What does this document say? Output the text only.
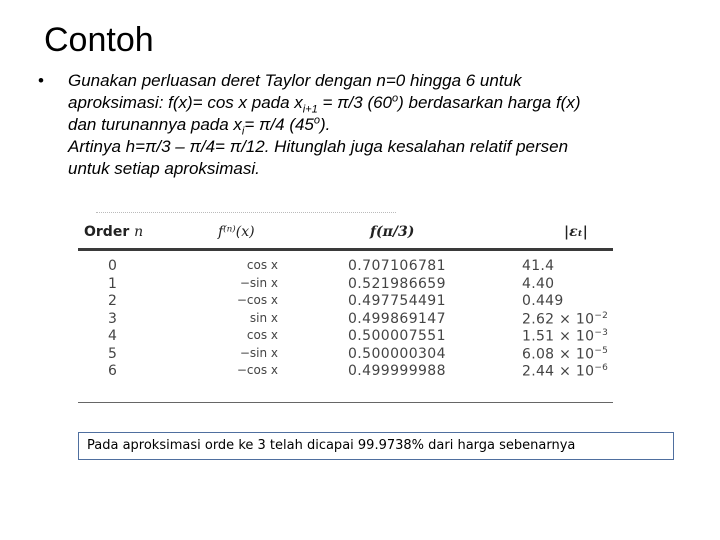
Contoh
• Gunakan perluasan deret Taylor dengan n=0 hingga 6 untuk
aproksimasi: f(x)= cos x pada $x_{i+1} = \pi/3$ (60$^o$) berdasarkan harga f(x)
dan turunannya pada $x_i= \pi/4$ (45$^o$).
Artinya h=π/3 – π/4= π/12. Hitunglah juga kesalahan relatif persen
untuk setiap aproksimasi.
Order n	f⁽ⁿ⁾(x)	f(π/3)	|εₜ|
0	cos x	0.707106781	41.4
1	−sin x	0.521986659	4.40
2	−cos x	0.497754491	0.449
3	sin x	0.499869147	$2.62 \times 10^{-2}$
4	cos x	0.500007551	$1.51 \times 10^{-3}$
5	−sin x	0.500000304	$6.08 \times 10^{-5}$
6	−cos x	0.499999988	$2.44 \times 10^{-6}$
Pada aproksimasi orde ke 3 telah dicapai 99.9738% dari harga sebenarnya
